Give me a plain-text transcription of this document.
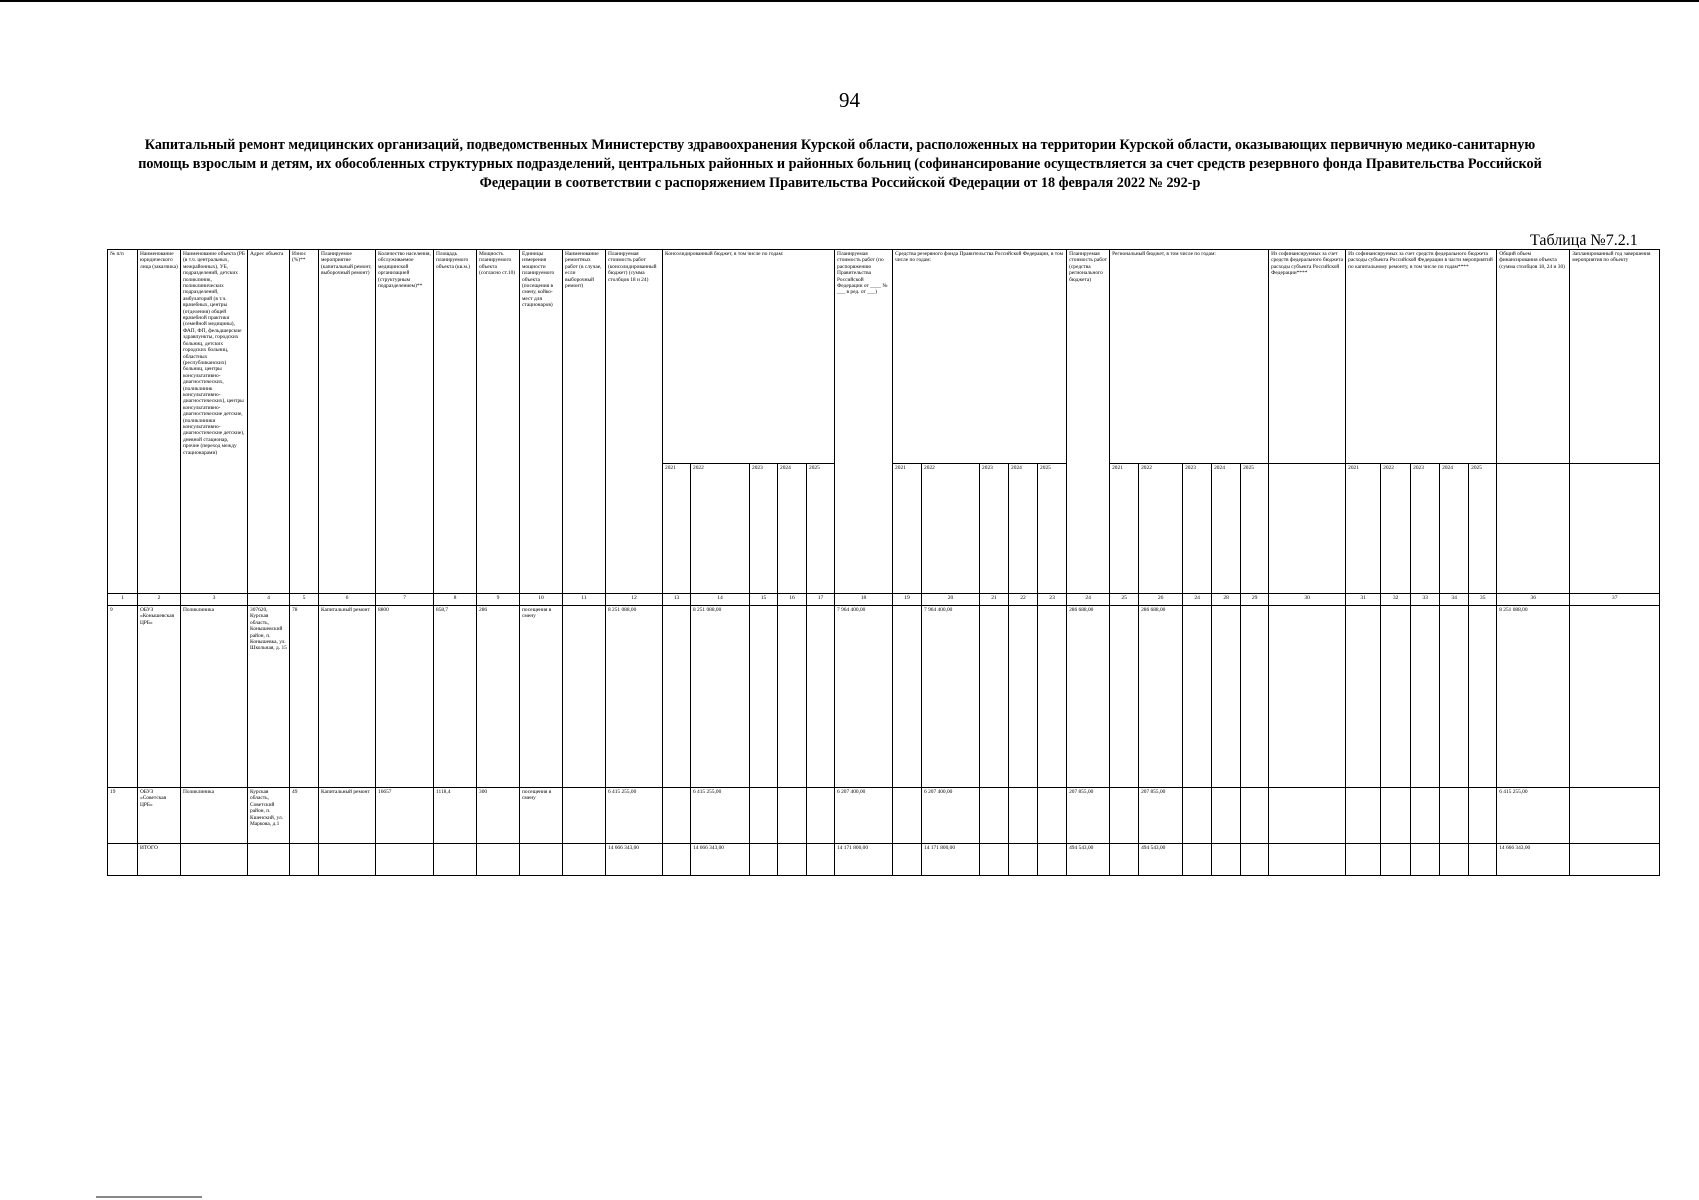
94
Капитальный ремонт медицинских организаций, подведомственных Министерству здравоохранения Курской области, расположенных на территории Курской области, оказывающих первичную медико-санитарную помощь взрослым и детям, их обособленных структурных подразделений, центральных районных и районных больниц (софинансирование осуществляется за счет средств резервного фонда Правительства Российской Федерации в соответствии с распоряжением Правительства Российской Федерации от 18 февраля 2022 № 292-р
Таблица №7.2.1
№ п/п	Наименование юридического лица (заказчика)	Наименование объекта (РБ (в т.ч. центральных, межрайонных), УБ, подразделений, детских поликлиник, поликлинических подразделений, амбулаторий (в т.ч. врачебных, центры (отделения) общей врачебной практики (семейной медицины), ФАП, ФП, фельдшерские здравпункты, городских больниц, детских городских больниц, областных (республиканских) больниц, центры консультативно-диагностических, (поликлиник консультативно-диагностических), центры консультативно-диагностические детские, (поликлиники консультативно-диагностические детские), дневной стационар, прочие (переход между стационарами)	Адрес объекта	Износ (%)**	Планируемое мероприятие (капитальный ремонт, выборочный ремонт)	Количество населения, обслуживаемое медицинской организацией (структурным подразделением)**	Площадь планируемого объекта (кв.м.)	Мощность планируемого объекта (согласно ст.10)	Единицы измерения мощности планируемого объекта (посещения в смену, койко-мест для стационаров)	Наименование ремонтных работ (в случае, если выборочный ремонт)	Планируемая стоимость работ (консолидированный бюджет) (сумма столбцов 18 и 24)	Консолидированный бюджет, в том числе по годам:					Планируемая стоимость работ (по распоряжению Правительства Российской Федерации от ____ № ___ в ред. от ___)	Средства резервного фонда Правительства Российской Федерации, в том числе по годам:					Планируемая стоимость работ (средства регионального бюджета)	Региональный бюджет, в том числе по годам:					Из софинансируемых за счет средств федерального бюджета расходы субъекта Российской Федерации****	Из софинансируемых за счет средств федерального бюджета расходы субъекта Российской Федерации в части мероприятий по капитальному ремонту, в том числе по годам****					Общий объем финансирования объекта (сумма столбцов 18, 24 и 30)	Запланированный год завершения мероприятия по объекту
												2021	2022	2023	2024	2025		2021	2022	2023	2024	2025		2021	2022	2023	2024	2025		2021	2022	2023	2024	2025		
1	2	3	4	5	6	7	8	9	10	11	12	13	14	15	16	17	18	19	20	21	22	23	24	25	26	24	28	29	30	31	32	33	34	35	36	37
9	ОБУЗ «Конышевская ЦРБ»	Поликлиника	307620, Курская область, Конышевский район, п. Конышевка, ул. Школьная, д. 15	78	Капитальный ремонт	8800	858,7	286	посещения в смену		8 251 088,00		8 251 088,00				7 964 400,00		7 964 400,00				286 688,00		286 688,00										8 251 088,00	
19	ОБУЗ «Советская ЦРБ»	Поликлиника	Курская область, Советский район, п. Кшенский, ул. Маркова, д.1	49	Капитальный ремонт	16657	1118,4	300	посещения в смену		6 415 255,00		6 415 255,00				6 207 400,00		6 207 400,00				207 855,00		207 855,00										6 415 255,00	
	ИТОГО										14 666 343,00		14 666 343,00				14 171 800,00		14 171 800,00				494 543,00		494 543,00										14 666 343,00	
